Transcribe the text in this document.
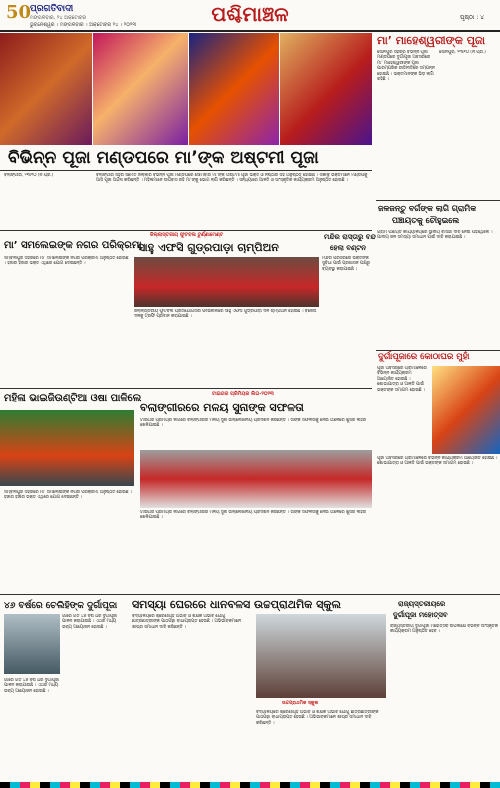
50
ପ୍ରଗତିବାଦୀ
ମଙ୍ଗଳବାର, ୨୪ ଅକ୍ଟୋବର
ଭୁବନେଶ୍ୱର । ମଙ୍ଗଳବାର । ଅକ୍ଟୋବର ୨୪ । ୨୦୨୩	ପଶ୍ଚିମାଞ୍ଚଳ	ପୃଷ୍ଠା : ୪
ମା’ ମାହେଶ୍ୱରୀଙ୍କ ପୂଜା
ସୋନପୁର ସହରର ବିଭିନ୍ନ ପୂଜା ମଣ୍ଡପରେ ଦୁର୍ଗାପୂଜା ଅବସରରେ ମା’ ମାହେଶ୍ୱରୀଙ୍କ ପୂଜା ପାରମ୍ପରିକ ରୀତିନୀତିରେ ସମ୍ପନ୍ନ ହୋଇଛି । ଭକ୍ତମାନଙ୍କ ଭିଡ଼ ଲାଗି ରହିଛି ।
ସୋନପୁର, ୨୩ା୧୦ (ନି.ପ୍ର.)
ବିଭିନ୍ନ ପୂଜା ମଣ୍ଡପରେ ମା’ଙ୍କ ଅଷ୍ଟମୀ ପୂଜା
ବଲାଙ୍ଗୀର, ୨୩ା୧୦ (ନି.ପ୍ର.)	ବଲାଙ୍ଗୀର ସହର ସମେତ ଜିଲ୍ଲାର ବିଭିନ୍ନ ପୂଜା ମଣ୍ଡପରେ ସୋମବାର ମା’ଙ୍କ ଅଷ୍ଟମୀ ପୂଜା ଭକ୍ତି ଓ ନିଷ୍ଠାର ସହ ଅନୁଷ୍ଠିତ ହୋଇଛି । ସକାଳୁ ଭକ୍ତମାନେ ମଣ୍ଡପକୁ ଆସି ପୂଜା ଅର୍ଚ୍ଚନା କରିଛନ୍ତି । ମହିଳାମାନେ ଉପବାସ ରହି ମା’ଙ୍କୁ ଭୋଗ ଲାଗି କରିଛନ୍ତି । ସନ୍ଧ୍ୟାରେ ଆଳତି ଓ ସାଂସ୍କୃତିକ କାର୍ଯ୍ୟକ୍ରମ ଅନୁଷ୍ଠିତ ହୋଇଛି ।
ଜଳଜନ୍ତୁ ବର୍ଗଙ୍କ ଲାଗି ଗ୍ରାମିକ
ପଞ୍ଚାୟତକୁ ଚୌହୁଇଲେ
ଗ୍ରାମ ପଞ୍ଚାୟତ କାର୍ଯ୍ୟାଳୟରେ ସ୍ଥାନୀୟ ବାସିନ୍ଦା ଦାବି ନେଇ ପହଞ୍ଚିଥିଲେ । ପାନୀୟ ଜଳ ସମସ୍ୟା ସମାଧାନ ପାଇଁ ଦାବି କରାଯାଇଛି ।
ମା’ ସମଲେଇଙ୍କ ନଗର ପରିକ୍ରମା
ସମ୍ବଲପୁର ସହରରେ ମା’ ସମଲେଇଙ୍କ ନଗର ପରିକ୍ରମା ଅନୁଷ୍ଠିତ ହୋଇଛି । ହଜାର ହଜାର ଭକ୍ତ ଏଥିରେ ଯୋଗ ଦେଇଛନ୍ତି ।
ଜିଲ୍ଲାସ୍ତରୀୟ ଫୁଟବଲ ଟୁର୍ଣ୍ଣାମେଣ୍ଟ
ସାହୁ ଏଫସି ଗୁଡ୍ରପାଡ଼ା ଚାମ୍ପିଅନ
ଜିଲ୍ଲାସ୍ତରୀୟ ଫୁଟବଲ ପ୍ରତିଯୋଗିତାର ଫାଇନାଲରେ ସାହୁ ଏଫସି ଗୁଡ୍ରପାଡ଼ା ଦଳ ଚାମ୍ପିଅନ ହୋଇଛି । ବିଜେତା ଦଳକୁ ଟ୍ରଫି ପ୍ରଦାନ କରାଯାଇଛି ।
ମନ୍ଦିର ରାସ୍ତାରୁ ବନ୍ଦ
ହେଲା ବଣ୍ଟନ
ମନ୍ଦିର ପରିସରରେ ଭକ୍ତଙ୍କ ସୁବିଧା ପାଇଁ ପ୍ରଶାସନ ପକ୍ଷରୁ ବ୍ୟବସ୍ଥା କରାଯାଇଛି ।
ଦୁର୍ଗାପୂଜାରେ କୋଠାଘର ମୁହାଁ
ପୂଜା ଅବସରରେ ଗ୍ରାମାଞ୍ଚଳରେ ବିଭିନ୍ନ କାର୍ଯ୍ୟକ୍ରମ ଆୟୋଜିତ ହୋଇଛି । ଶୋଭାଯାତ୍ରା ଓ ଆଳତି ପାଇଁ ଭକ୍ତଙ୍କ ସମାଗମ ହୋଇଛି ।
ମହିଳା ଭାଇଜିଉଣ୍ଟିଆ ଓଷା ପାଳିଲେ
ସମ୍ବଲପୁର ସହରରେ ମା’ ସମଲେଇଙ୍କ ନଗର ପରିକ୍ରମା ଅନୁଷ୍ଠିତ ହୋଇଛି । ହଜାର ହଜାର ଭକ୍ତ ଏଥିରେ ଯୋଗ ଦେଇଛନ୍ତି ।
ଟାଇଗର ପ୍ରିମିୟର ଲିଗ-୨୦୨୩
ବଲାଙ୍ଗୀରରେ ମଳୟ ସୁନାଙ୍କ ସଫଳତା
ଟାଇଗର ପ୍ରିମିୟର ଲିଗରେ ବଲାଙ୍ଗୀରର ମଳୟ ସୁନା ଉଲ୍ଲେଖନୀୟ ପ୍ରଦର୍ଶନ କରିଛନ୍ତି । ତାଙ୍କ ସଫଳତାକୁ ନେଇ ଅଞ୍ଚଳରେ ଖୁସିର ଲହରି ଖେଳିଯାଇଛି ।
ଟାଇଗର ପ୍ରିମିୟର ଲିଗରେ ବଲାଙ୍ଗୀରର ମଳୟ ସୁନା ଉଲ୍ଲେଖନୀୟ ପ୍ରଦର୍ଶନ କରିଛନ୍ତି । ତାଙ୍କ ସଫଳତାକୁ ନେଇ ଅଞ୍ଚଳରେ ଖୁସିର ଲହରି ଖେଳିଯାଇଛି ।
ପୂଜା ଅବସରରେ ଗ୍ରାମାଞ୍ଚଳରେ ବିଭିନ୍ନ କାର୍ଯ୍ୟକ୍ରମ ଆୟୋଜିତ ହୋଇଛି । ଶୋଭାଯାତ୍ରା ଓ ଆଳତି ପାଇଁ ଭକ୍ତଙ୍କ ସମାଗମ ହୋଇଛି ।
୪୬ ବର୍ଷରେ ଚେଲିହିଙ୍କ ଦୁର୍ଗାପୂଜା
ଗାଁରେ ଗତ ୪୬ ବର୍ଷ ଧରି ଦୁର୍ଗାପୂଜା ପାଳନ କରାଯାଉଛି । ଏଥର ମଧ୍ୟ ଭବ୍ୟ ଆୟୋଜନ ହୋଇଛି ।
ଗାଁରେ ଗତ ୪୬ ବର୍ଷ ଧରି ଦୁର୍ଗାପୂଜା ପାଳନ କରାଯାଉଛି । ଏଥର ମଧ୍ୟ ଭବ୍ୟ ଆୟୋଜନ ହୋଇଛି ।
ସମସ୍ୟା ଘେରରେ ଧାନବଳସ ଉଚ୍ଚପ୍ରାଥମିକ ସ୍କୁଲ
ବିଦ୍ୟାଳୟରେ ଶ୍ରେଣୀଗୃହ ଅଭାବ ଓ ଶିକ୍ଷକ ଅଭାବ ଯୋଗୁଁ ଛାତ୍ରଛାତ୍ରୀଙ୍କ ପାଠପଢ଼ା ବାଧାପ୍ରାପ୍ତ ହେଉଛି । ଅଭିଭାବକମାନେ ଶୀଘ୍ର ସମାଧାନ ଦାବି କରିଛନ୍ତି ।
ଉଚ୍ଚପ୍ରାଥମିକ ସ୍କୁଲ
ବିଦ୍ୟାଳୟରେ ଶ୍ରେଣୀଗୃହ ଅଭାବ ଓ ଶିକ୍ଷକ ଅଭାବ ଯୋଗୁଁ ଛାତ୍ରଛାତ୍ରୀଙ୍କ ପାଠପଢ଼ା ବାଧାପ୍ରାପ୍ତ ହେଉଛି । ଅଭିଭାବକମାନେ ଶୀଘ୍ର ସମାଧାନ ଦାବି କରିଛନ୍ତି ।
ରାଜ୍ୟସ୍ତରୀୟରେ
ଦୁର୍ଗାପୂଜା ମହୋତ୍ସବ
ରାଜ୍ୟସ୍ତରୀୟ ଦୁର୍ଗାପୂଜା ମହୋତ୍ସବ ଉପଲକ୍ଷେ ବିଭିନ୍ନ ସାଂସ୍କୃତିକ କାର୍ଯ୍ୟକ୍ରମ ଅନୁଷ୍ଠିତ ହେବ ।
